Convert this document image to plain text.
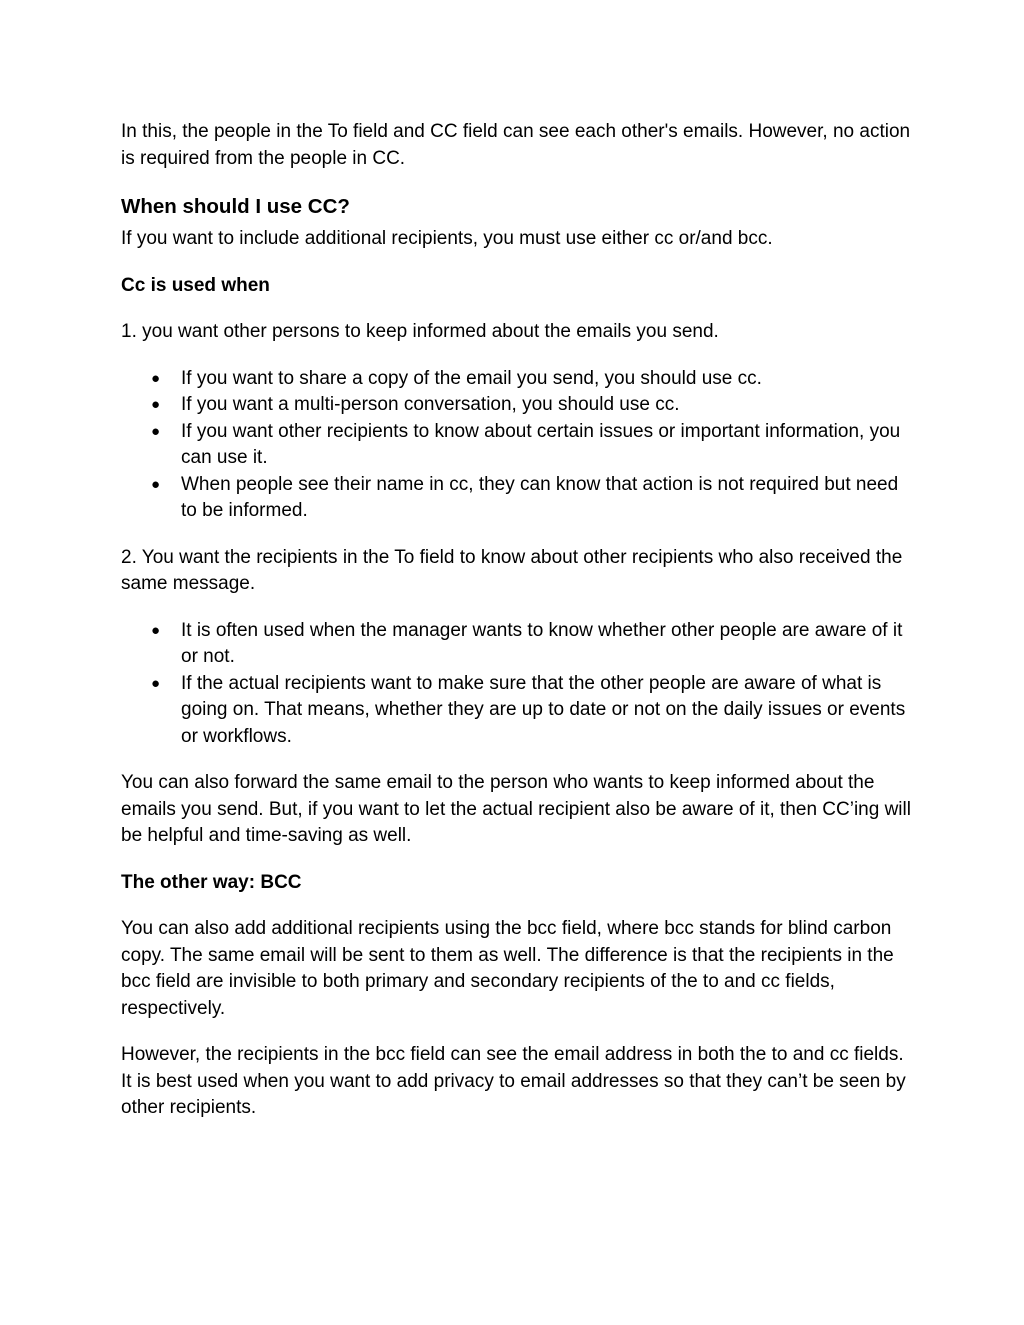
In this, the people in the To field and CC field can see each other's emails. However, no action is required from the people in CC.

When should I use CC?

If you want to include additional recipients, you must use either cc or/and bcc.

Cc is used when

1. you want other persons to keep informed about the emails you send.

● If you want to share a copy of the email you send, you should use cc.
● If you want a multi-person conversation, you should use cc.
● If you want other recipients to know about certain issues or important information, you can use it.
● When people see their name in cc, they can know that action is not required but need to be informed.

2. You want the recipients in the To field to know about other recipients who also received the same message.

● It is often used when the manager wants to know whether other people are aware of it or not.
● If the actual recipients want to make sure that the other people are aware of what is going on. That means, whether they are up to date or not on the daily issues or events or workflows.

You can also forward the same email to the person who wants to keep informed about the emails you send. But, if you want to let the actual recipient also be aware of it, then CC’ing will be helpful and time-saving as well.

The other way: BCC

You can also add additional recipients using the bcc field, where bcc stands for blind carbon copy. The same email will be sent to them as well. The difference is that the recipients in the bcc field are invisible to both primary and secondary recipients of the to and cc fields, respectively.

However, the recipients in the bcc field can see the email address in both the to and cc fields. It is best used when you want to add privacy to email addresses so that they can’t be seen by other recipients.
